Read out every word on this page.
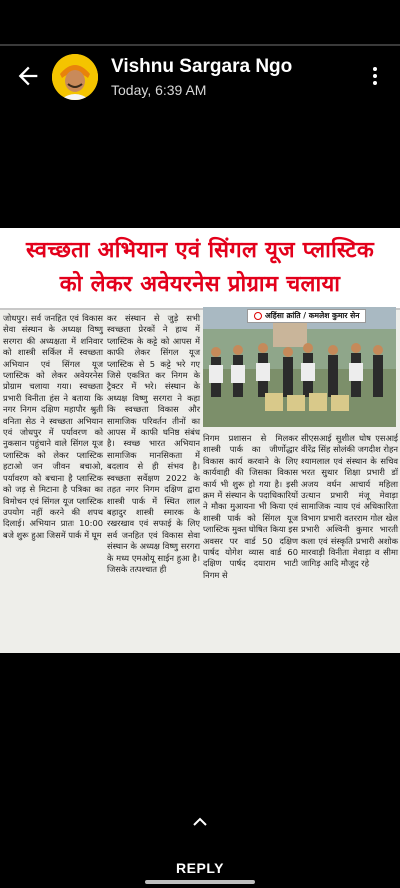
Vishnu Sargara Ngo
Today, 6:39 AM
स्वच्छता अभियान एवं सिंगल यूज प्लास्टिक
को लेकर अवेयरनेस प्रोग्राम चलाया

जोधपुर। सर्व जनहित एवं विकास सेवा संस्थान के अध्यक्ष विष्णु सरगरा की अध्यक्षता में शनिवार को शास्त्री सर्किल में स्वच्छता अभियान एवं सिंगल यूज प्लास्टिक को लेकर अवेयरनेस प्रोग्राम चलाया गया। स्वच्छता प्रभारी विनीता हंस ने बताया कि नगर निगम दक्षिण महापौर श्रुती वनिता सेठ ने स्वच्छता अभियान एवं जोधपुर में पर्यावरण को नुकसान पहुंचाने वाले सिंगल यूज प्लास्टिक को लेकर प्लास्टिक हटाओ जन जीवन बचाओ, पर्यावरण को बचाना है प्लास्टिक को जड़ से मिटाना है पत्रिका का विमोचन एवं सिंगल यूज प्लास्टिक उपयोग नहीं करने की शपथ दिलाई। अभियान प्रातः 10:00 बजे शुरू हुआ जिसमें पार्क में घूम

कर संस्थान से जुड़े सभी स्वच्छता प्रेरकों ने हाथ में प्लास्टिक के कट्टे को आपस में काफी लेकर सिंगल यूज प्लास्टिक से 5 कट्टे भरे गए जिसे एकत्रित कर निगम के ट्रैक्टर में भरे। संस्थान के अध्यक्ष विष्णु सरगरा ने कहा कि स्वच्छता विकास और सामाजिक परिवर्तन तीनों का आपस में काफी घनिष्ठ संबंध है। स्वच्छ भारत अभियान सामाजिक मानसिकता में बदलाव से ही संभव है। स्वच्छता सर्वेक्षण 2022 के तहत नगर निगम दक्षिण द्वारा शास्त्री पार्क में स्थित लाल बहादुर शास्त्री स्मारक के रखरखाव एवं सफाई के लिए सर्व जनहित एवं विकास सेवा संस्थान के अध्यक्ष विष्णु सरगरा के मध्य एमओयू साईन हुआ है। जिसके तत्पश्चात ही

अहिंसा क्रांति / कमलेश कुमार सेन

निगम प्रशासन से मिलकर शास्त्री पार्क का जीर्णोद्धार विकास कार्य करवाने के लिए कार्यवाही की जिसका विकास कार्य भी शुरू हो गया है। इसी क्रम में संस्थान के पदाधिकारियों ने मौका मुआयना भी किया एवं शास्त्री पार्क को सिंगल यूज प्लास्टिक मुक्त घोषित किया इस अवसर पर वार्ड 50 दक्षिण पार्षद योगेश व्यास वार्ड 60 दक्षिण पार्षद दयाराम भाटी निगम से

सीएसआई सुशील घोष एसआई वीरेंद्र सिंह सोलंकी जगदीश रोहन श्यामलाल एवं संस्थान के सचिव भरत सुथार शिक्षा प्रभारी डॉ अजय वर्धन आचार्य महिला उत्थान प्रभारी मंजू मेवाड़ा सामाजिक न्याय एवं अधिकारिता विभाग प्रभारी वतरराम गोल खेल प्रभारी अश्विनी कुमार भारती कला एवं संस्कृति प्रभारी अशोक मारवाड़ी विनीता मेवाड़ा व सीमा जागिड़ आदि मौजूद रहे

REPLY
